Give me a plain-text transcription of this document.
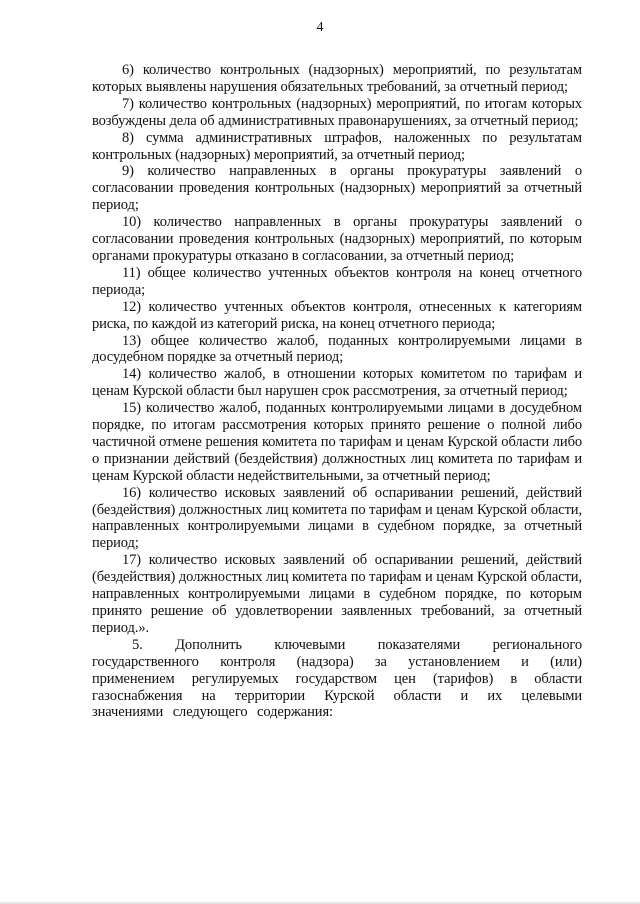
4

6) количество контрольных (надзорных) мероприятий, по результатам которых выявлены нарушения обязательных требований, за отчетный период;

7) количество контрольных (надзорных) мероприятий, по итогам которых возбуждены дела об административных правонарушениях, за отчетный период;

8) сумма административных штрафов, наложенных по результатам контрольных (надзорных) мероприятий, за отчетный период;

9) количество направленных в органы прокуратуры заявлений о согласовании проведения контрольных (надзорных) мероприятий за отчетный период;

10) количество направленных в органы прокуратуры заявлений о согласовании проведения контрольных (надзорных) мероприятий, по которым органами прокуратуры отказано в согласовании, за отчетный период;

11) общее количество учтенных объектов контроля на конец отчетного периода;

12) количество учтенных объектов контроля, отнесенных к категориям риска, по каждой из категорий риска, на конец отчетного периода;

13) общее количество жалоб, поданных контролируемыми лицами в досудебном порядке за отчетный период;

14) количество жалоб, в отношении которых комитетом по тарифам и ценам Курской области был нарушен срок рассмотрения, за отчетный период;

15) количество жалоб, поданных контролируемыми лицами в досудебном порядке, по итогам рассмотрения которых принято решение о полной либо частичной отмене решения комитета по тарифам и ценам Курской области либо о признании действий (бездействия) должностных лиц комитета по тарифам и ценам Курской области недействительными, за отчетный период;

16) количество исковых заявлений об оспаривании решений, действий (бездействия) должностных лиц комитета по тарифам и ценам Курской области, направленных контролируемыми лицами в судебном порядке, за отчетный период;

17) количество исковых заявлений об оспаривании решений, действий (бездействия) должностных лиц комитета по тарифам и ценам Курской области, направленных контролируемыми лицами в судебном порядке, по которым принято решение об удовлетворении заявленных требований, за отчетный период.».

5. Дополнить ключевыми показателями регионального государственного контроля (надзора) за установлением и (или) применением регулируемых государством цен (тарифов) в области газоснабжения на территории Курской области и их целевыми значениями следующего содержания:
